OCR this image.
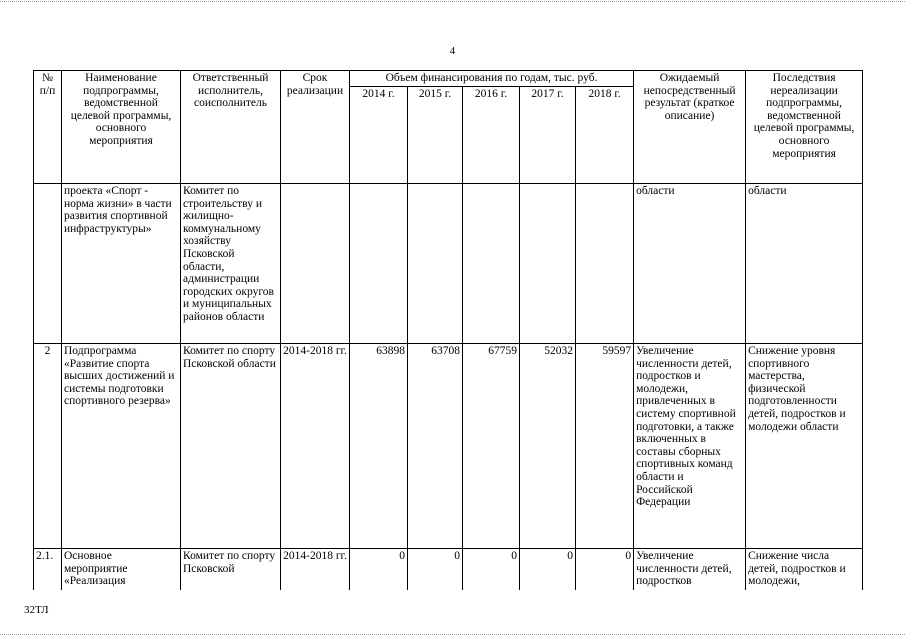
4
№ п/п	Наименование подпрограммы, ведомственной целевой программы, основного мероприятия	Ответственный исполнитель, соисполнитель	Срок реализации	Объем финансирования по годам, тыс. руб.					Ожидаемый непосредственный результат (краткое описание)	Последствия нереализации подпрограммы, ведомственной целевой программы, основного мероприятия
				2014 г.	2015 г.	2016 г.	2017 г.	2018 г.		
	проекта «Спорт - норма жизни» в части развития спортивной инфраструктуры»	Комитет по строительству и жилищно-коммунальному хозяйству Псковской области, администрации городских округов и муниципальных районов области							области	области
2	Подпрограмма «Развитие спорта высших достижений и системы подготовки спортивного резерва»	Комитет по спорту Псковской области	2014-2018 гг.	63898	63708	67759	52032	59597	Увеличение численности детей, подростков и молодежи, привлеченных в систему спортивной подготовки, а также включенных в составы сборных спортивных команд области и Российской Федерации	Снижение уровня спортивного мастерства, физической подготовленности детей, подростков и молодежи области
2.1.	Основное мероприятие «Реализация	Комитет по спорту Псковской	2014-2018 гг.	0	0	0	0	0	Увеличение численности детей, подростков	Снижение числа детей, подростков и молодежи,
32ТЛ
